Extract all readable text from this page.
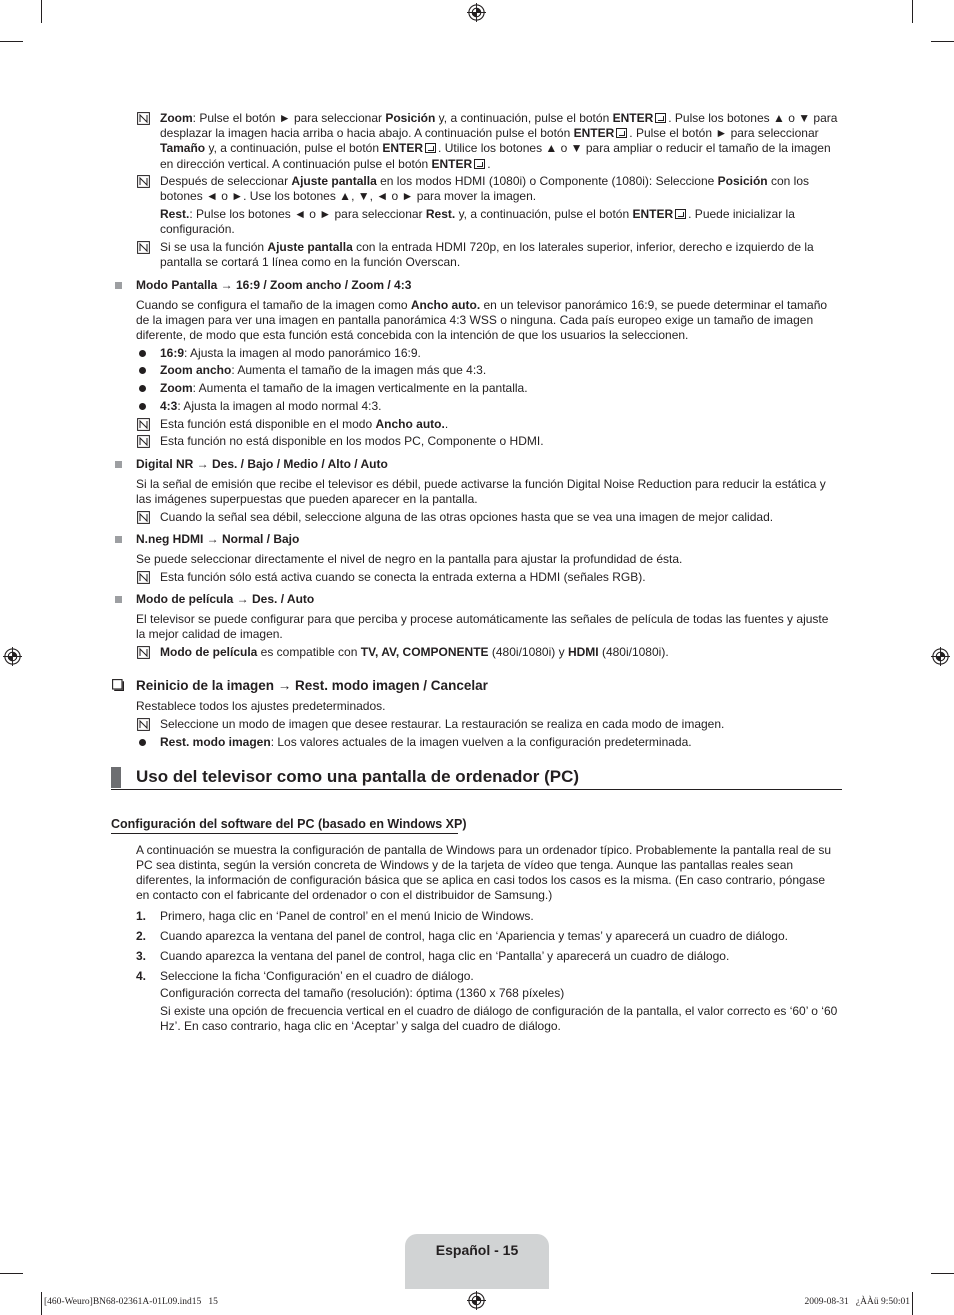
Zoom: Pulse el botón ► para seleccionar Posición y, a continuación, pulse el botón ENTER . Pulse los botones ▲ o ▼ para desplazar la imagen hacia arriba o hacia abajo. A continuación pulse el botón ENTER . Pulse el botón ► para seleccionar Tamaño y, a continuación, pulse el botón ENTER . Utilice los botones ▲ o ▼ para ampliar o reducir el tamaño de la imagen en dirección vertical. A continuación pulse el botón ENTER .
Después de seleccionar Ajuste pantalla en los modos HDMI (1080i) o Componente (1080i): Seleccione Posición con los botones ◄ o ►. Use los botones ▲, ▼, ◄ o ► para mover la imagen.
Rest.: Pulse los botones ◄ o ► para seleccionar Rest. y, a continuación, pulse el botón ENTER . Puede inicializar la configuración.
Si se usa la función Ajuste pantalla con la entrada HDMI 720p, en los laterales superior, inferior, derecho e izquierdo de la pantalla se cortará 1 línea como en la función Overscan.
Modo Pantalla → 16:9 / Zoom ancho / Zoom / 4:3
Cuando se configura el tamaño de la imagen como Ancho auto. en un televisor panorámico 16:9, se puede determinar el tamaño de la imagen para ver una imagen en pantalla panorámica 4:3 WSS o ninguna. Cada país europeo exige un tamaño de imagen diferente, de modo que esta función está concebida con la intención de que los usuarios la seleccionen.
16:9: Ajusta la imagen al modo panorámico 16:9.
Zoom ancho: Aumenta el tamaño de la imagen más que 4:3.
Zoom: Aumenta el tamaño de la imagen verticalmente en la pantalla.
4:3: Ajusta la imagen al modo normal 4:3.
Esta función está disponible en el modo Ancho auto..
Esta función no está disponible en los modos PC, Componente o HDMI.
Digital NR → Des. / Bajo / Medio / Alto / Auto
Si la señal de emisión que recibe el televisor es débil, puede activarse la función Digital Noise Reduction para reducir la estática y las imágenes superpuestas que pueden aparecer en la pantalla.
Cuando la señal sea débil, seleccione alguna de las otras opciones hasta que se vea una imagen de mejor calidad.
N.neg HDMI → Normal / Bajo
Se puede seleccionar directamente el nivel de negro en la pantalla para ajustar la profundidad de ésta.
Esta función sólo está activa cuando se conecta la entrada externa a HDMI (señales RGB).
Modo de película → Des. / Auto
El televisor se puede configurar para que perciba y procese automáticamente las señales de película de todas las fuentes y ajuste la mejor calidad de imagen.
Modo de película es compatible con TV, AV, COMPONENTE (480i/1080i) y HDMI (480i/1080i).
Reinicio de la imagen → Rest. modo imagen / Cancelar
Restablece todos los ajustes predeterminados.
Seleccione un modo de imagen que desee restaurar. La restauración se realiza en cada modo de imagen.
Rest. modo imagen: Los valores actuales de la imagen vuelven a la configuración predeterminada.
Uso del televisor como una pantalla de ordenador (PC)
Configuración del software del PC (basado en Windows XP)
A continuación se muestra la configuración de pantalla de Windows para un ordenador típico. Probablemente la pantalla real de su PC sea distinta, según la versión concreta de Windows y de la tarjeta de vídeo que tenga. Aunque las pantallas reales sean diferentes, la información de configuración básica que se aplica en casi todos los casos es la misma. (En caso contrario, póngase en contacto con el fabricante del ordenador o con el distribuidor de Samsung.)
1. Primero, haga clic en ‘Panel de control’ en el menú Inicio de Windows.
2. Cuando aparezca la ventana del panel de control, haga clic en ‘Apariencia y temas’ y aparecerá un cuadro de diálogo.
3. Cuando aparezca la ventana del panel de control, haga clic en ‘Pantalla’ y aparecerá un cuadro de diálogo.
4. Seleccione la ficha ‘Configuración’ en el cuadro de diálogo.
Configuración correcta del tamaño (resolución): óptima (1360 x 768 píxeles)
Si existe una opción de frecuencia vertical en el cuadro de diálogo de configuración de la pantalla, el valor correcto es ‘60’ o ‘60 Hz’. En caso contrario, haga clic en ‘Aceptar’ y salga del cuadro de diálogo.
Español - 15
[460-Weuro]BN68-02361A-01L09.ind15   15	2009-08-31   ¿ÀÀü 9:50:01
